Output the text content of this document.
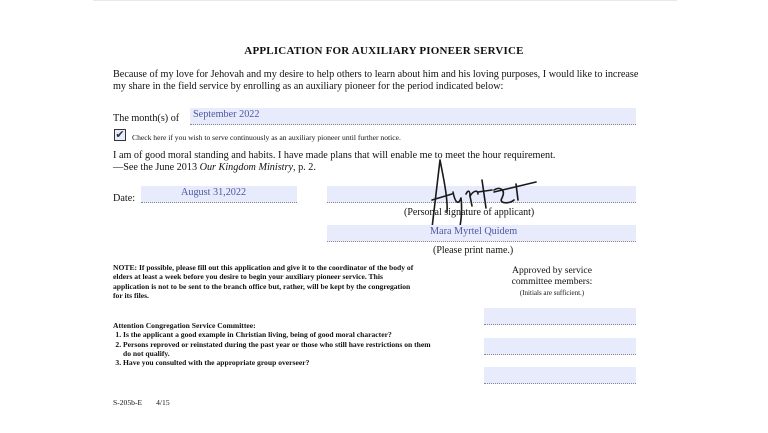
APPLICATION FOR AUXILIARY PIONEER SERVICE
Because of my love for Jehovah and my desire to help others to learn about him and his loving purposes, I would like to increase my share in the field service by enrolling as an auxiliary pioneer for the period indicated below:
The month(s) of September 2022
✔ Check here if you wish to serve continuously as an auxiliary pioneer until further notice.
I am of good moral standing and habits. I have made plans that will enable me to meet the hour requirement.
—See the June 2013 Our Kingdom Ministry, p. 2.
Date:
August 31,2022
(Personal signature of applicant)
Mara Myrtel Quidem
(Please print name.)
NOTE: If possible, please fill out this application and give it to the coordinator of the body of elders at least a week before you desire to begin your auxiliary pioneer service. This application is not to be sent to the branch office but, rather, will be kept by the congregation for its files.
Approved by service
committee members:
(Initials are sufficient.)
Attention Congregation Service Committee:
1. Is the applicant a good example in Christian living, being of good moral character?
2. Persons reproved or reinstated during the past year or those who still have restrictions on them do not qualify.
3. Have you consulted with the appropriate group overseer?
S-205b-E 4/15
